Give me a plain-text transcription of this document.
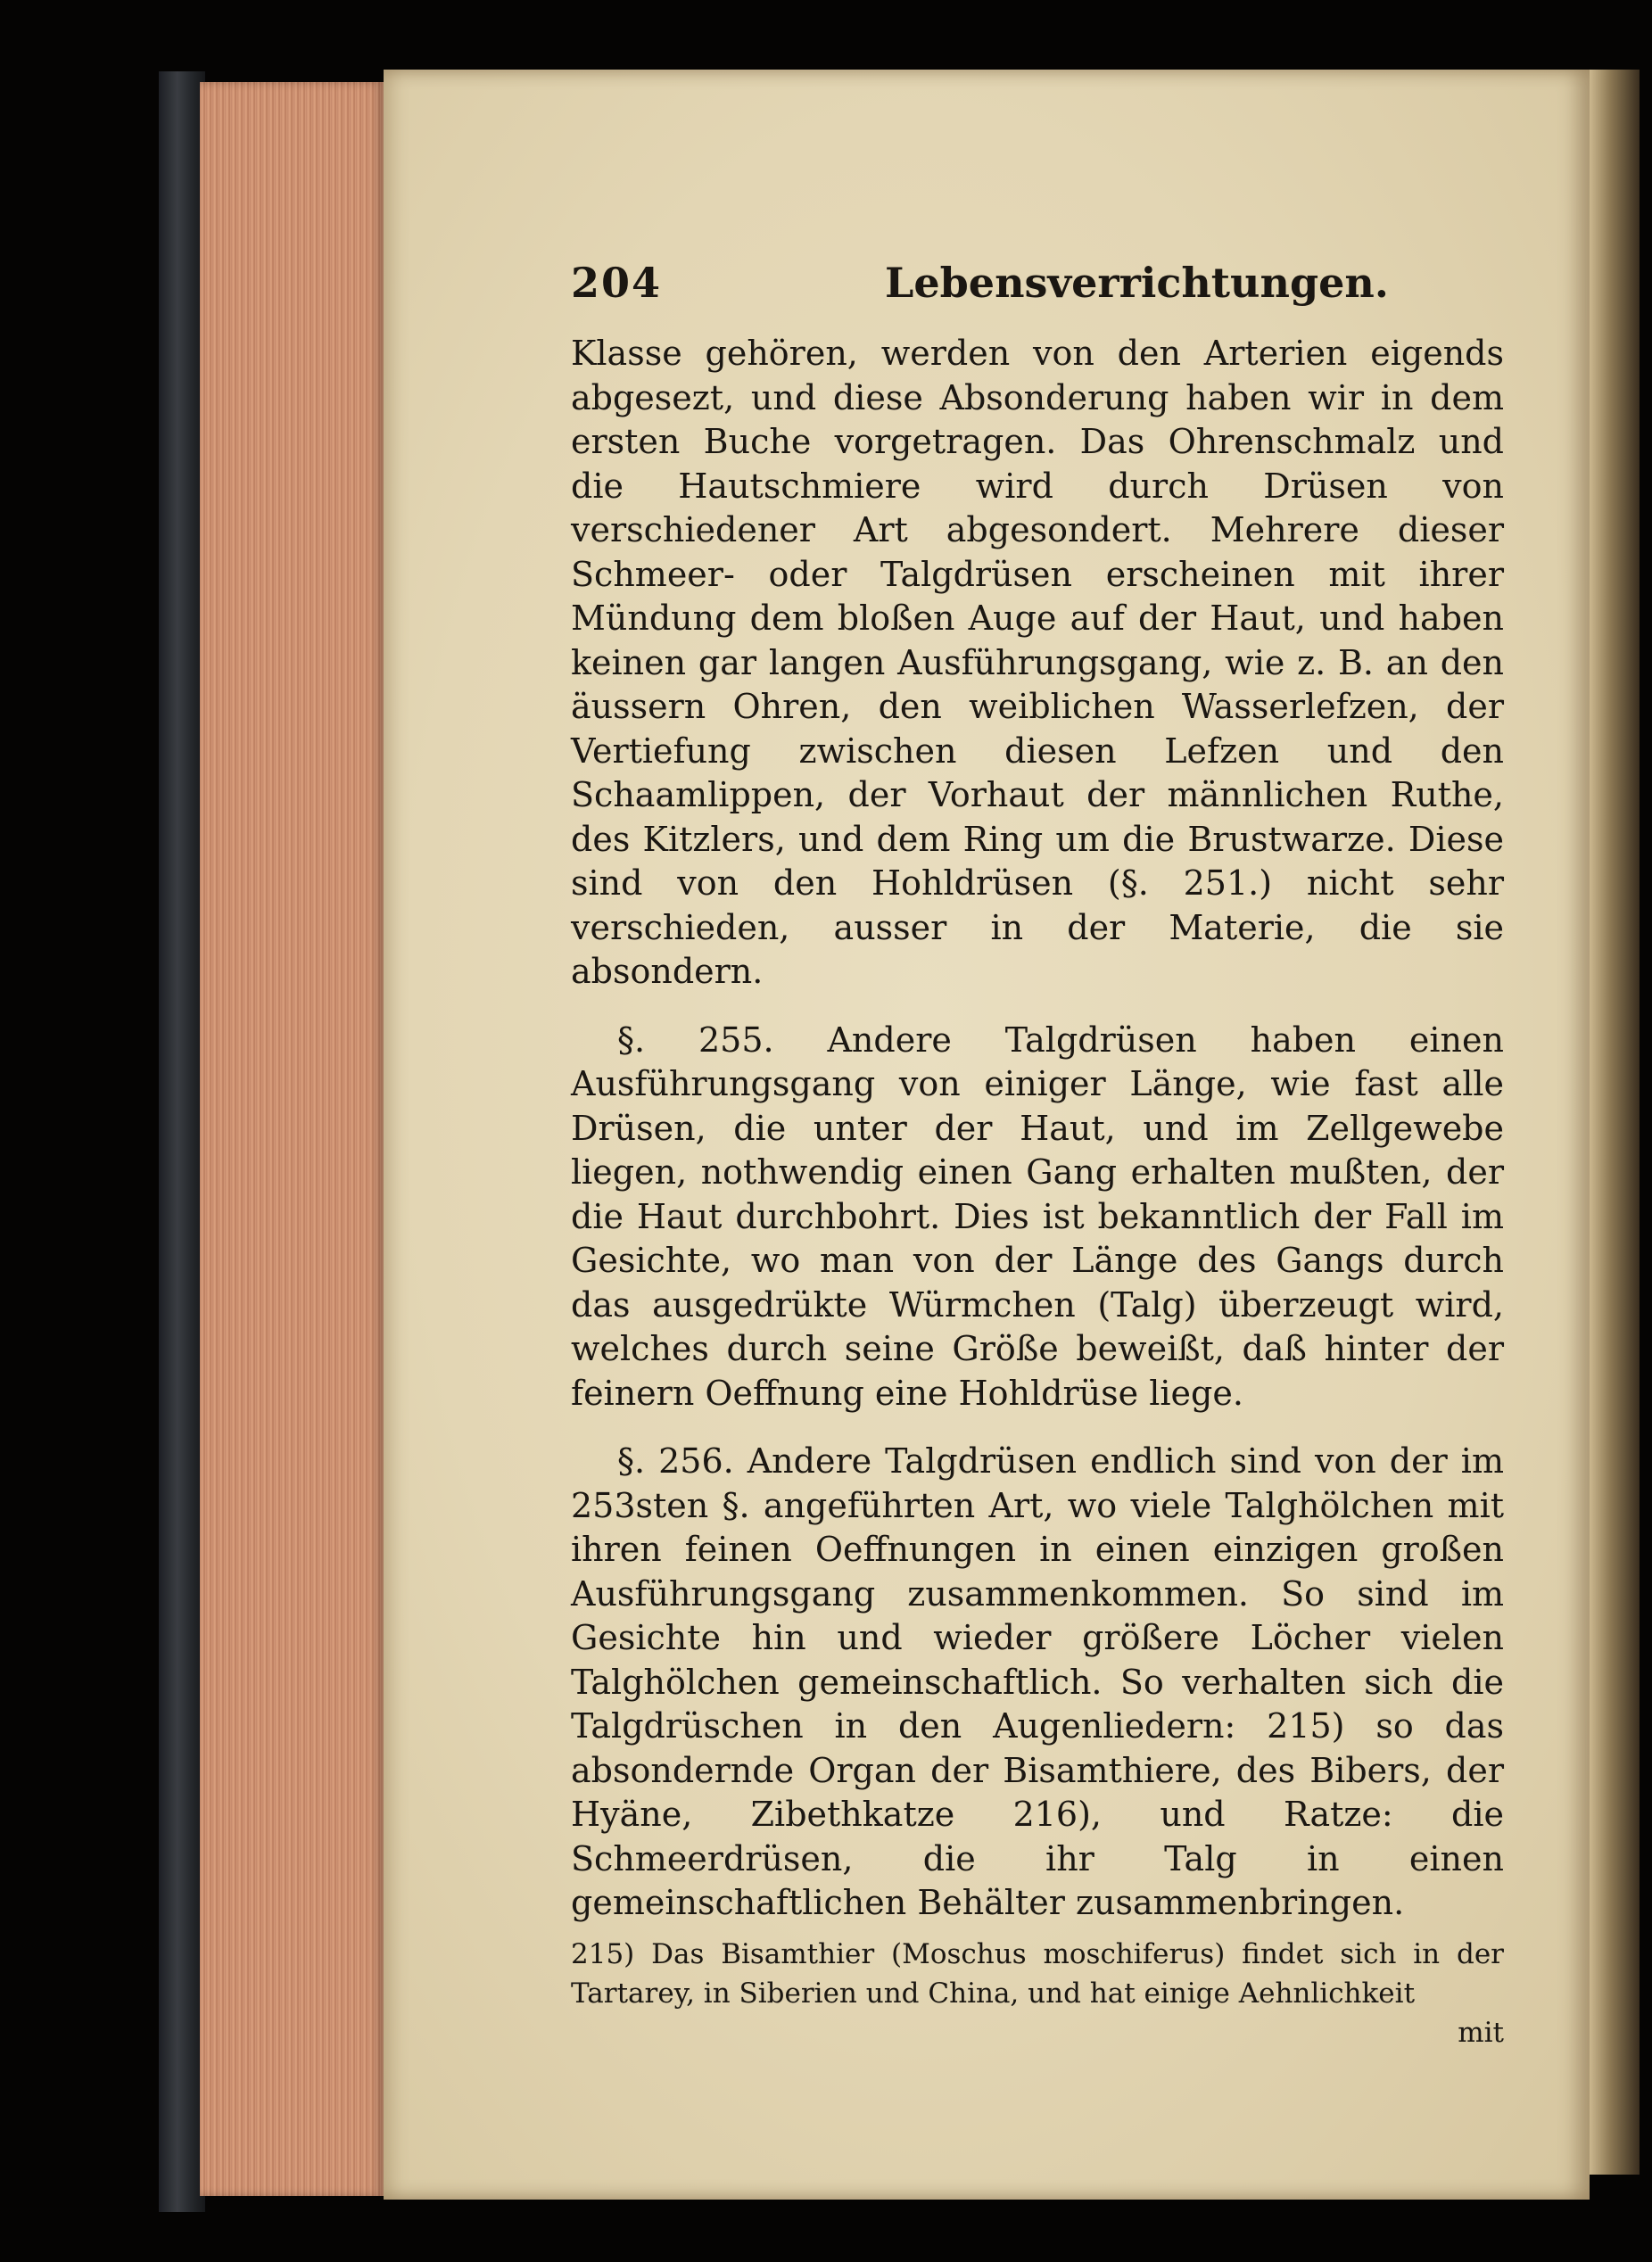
204	Lebensverrichtungen.

Klasse gehören, werden von den Arterien eigends abgesezt, und diese Absonderung haben wir in dem ersten Buche vorgetragen. Das Ohrenschmalz und die Hautschmiere wird durch Drüsen von verschiedener Art abgesondert. Mehrere dieser Schmeer- oder Talgdrüsen erscheinen mit ihrer Mündung dem bloßen Auge auf der Haut, und haben keinen gar langen Ausführungsgang, wie z. B. an den äussern Ohren, den weiblichen Wasserlefzen, der Vertiefung zwischen diesen Lefzen und den Schaamlippen, der Vorhaut der männlichen Ruthe, des Kitzlers, und dem Ring um die Brustwarze. Diese sind von den Hohldrüsen (§. 251.) nicht sehr verschieden, ausser in der Materie, die sie absondern.

§. 255. Andere Talgdrüsen haben einen Ausführungsgang von einiger Länge, wie fast alle Drüsen, die unter der Haut, und im Zellgewebe liegen, nothwendig einen Gang erhalten mußten, der die Haut durchbohrt. Dies ist bekanntlich der Fall im Gesichte, wo man von der Länge des Gangs durch das ausgedrükte Würmchen (Talg) überzeugt wird, welches durch seine Größe beweißt, daß hinter der feinern Oeffnung eine Hohldrüse liege.

§. 256. Andere Talgdrüsen endlich sind von der im 253sten §. angeführten Art, wo viele Talghölchen mit ihren feinen Oeffnungen in einen einzigen großen Ausführungsgang zusammenkommen. So sind im Gesichte hin und wieder größere Löcher vielen Talghölchen gemeinschaftlich. So verhalten sich die Talgdrüschen in den Augenliedern: 215) so das absondernde Organ der Bisamthiere, des Bibers, der Hyäne, Zibethkatze 216), und Ratze: die Schmeerdrüsen, die ihr Talg in einen gemeinschaftlichen Behälter zusammenbringen.

215) Das Bisamthier (Moschus moschiferus) findet sich in der Tartarey, in Siberien und China, und hat einige Aehnlichkeit
mit
